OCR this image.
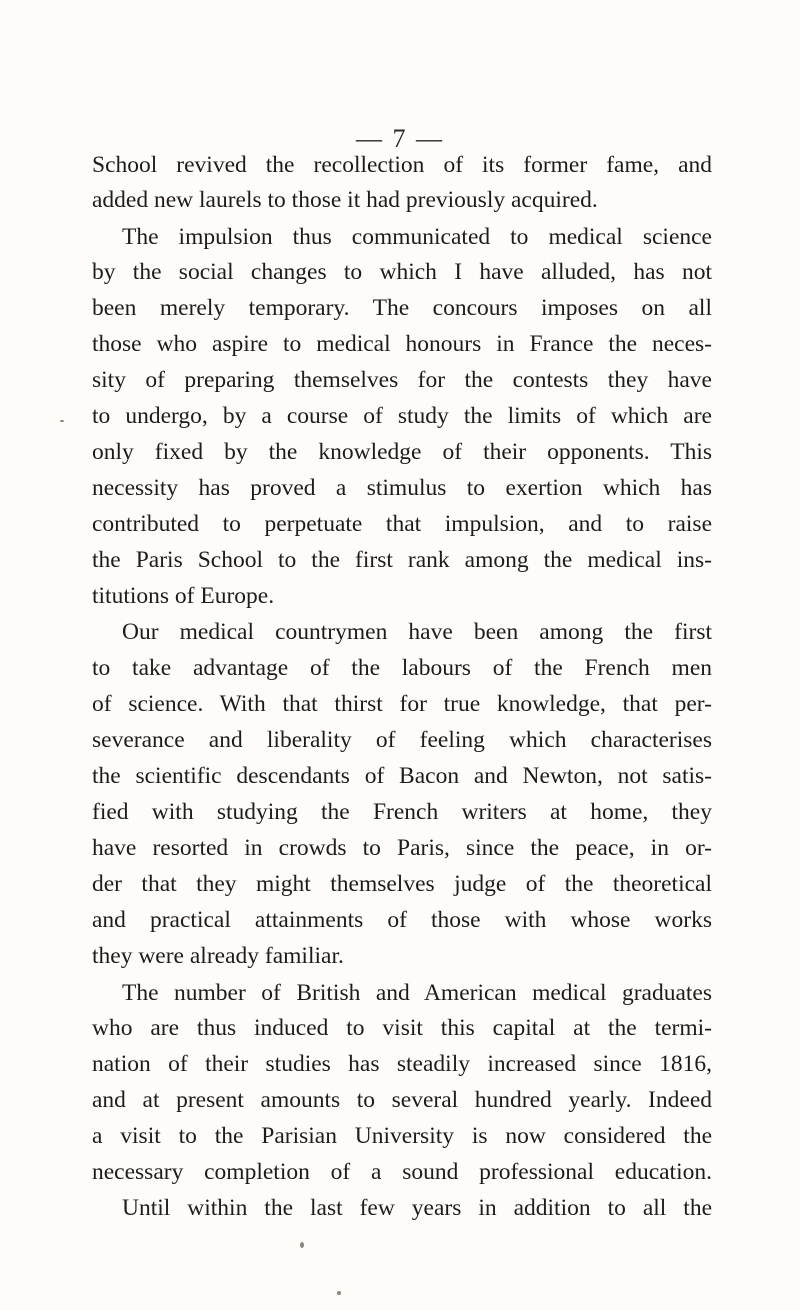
— 7 —
School revived the recollection of its former fame, and
added new laurels to those it had previously acquired.
The impulsion thus communicated to medical science
by the social changes to which I have alluded, has not
been merely temporary. The concours imposes on all
those who aspire to medical honours in France the neces-
sity of preparing themselves for the contests they have
to undergo, by a course of study the limits of which are
only fixed by the knowledge of their opponents. This
necessity has proved a stimulus to exertion which has
contributed to perpetuate that impulsion, and to raise
the Paris School to the first rank among the medical ins-
titutions of Europe.
Our medical countrymen have been among the first
to take advantage of the labours of the French men
of science. With that thirst for true knowledge, that per-
severance and liberality of feeling which characterises
the scientific descendants of Bacon and Newton, not satis-
fied with studying the French writers at home, they
have resorted in crowds to Paris, since the peace, in or-
der that they might themselves judge of the theoretical
and practical attainments of those with whose works
they were already familiar.
The number of British and American medical graduates
who are thus induced to visit this capital at the termi-
nation of their studies has steadily increased since 1816,
and at present amounts to several hundred yearly. Indeed
a visit to the Parisian University is now considered the
necessary completion of a sound professional education.
Until within the last few years in addition to all the
